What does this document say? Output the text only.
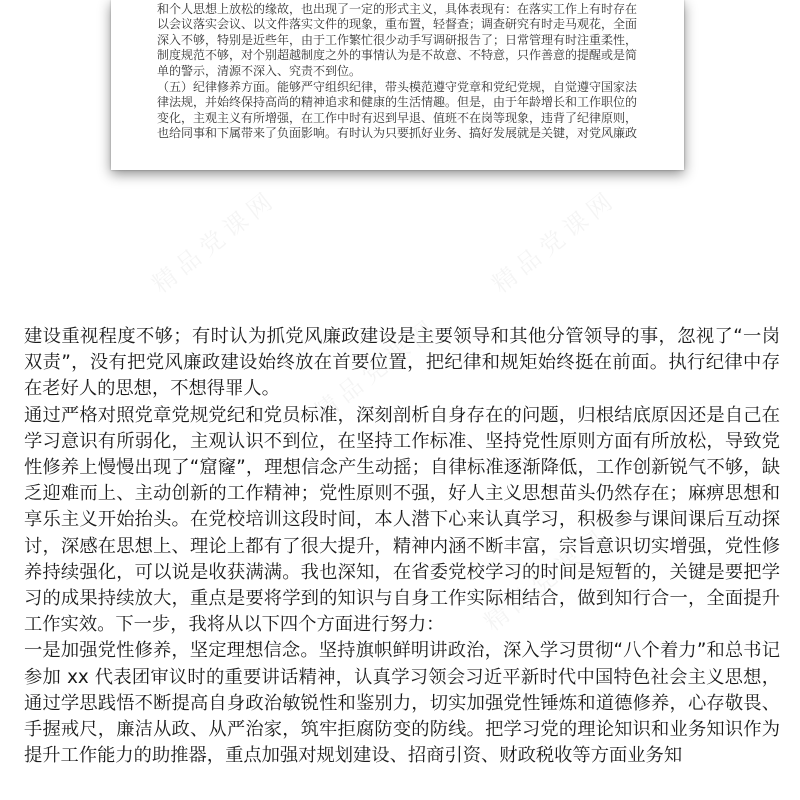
和个人思想上放松的缘故，也出现了一定的形式主义，具体表现有：在落实工作上有时存在

以会议落实会议、以文件落实文件的现象，重布置，轻督查；调查研究有时走马观花，全面

深入不够，特别是近些年，由于工作繁忙很少动手写调研报告了；日常管理有时注重柔性，

制度规范不够，对个别超越制度之外的事情认为是不故意、不特意，只作善意的提醒或是简

单的警示，清源不深入、究责不到位。

（五）纪律修养方面。能够严守组织纪律，带头模范遵守党章和党纪党规，自觉遵守国家法

律法规，并始终保持高尚的精神追求和健康的生活情趣。但是，由于年龄增长和工作职位的

变化，主观主义有所增强，在工作中时有迟到早退、值班不在岗等现象，违背了纪律原则，

也给同事和下属带来了负面影响。有时认为只要抓好业务、搞好发展就是关键，对党风廉政

建设重视程度不够；有时认为抓党风廉政建设是主要领导和其他分管领导的事，忽视了“一岗双责”，没有把党风廉政建设始终放在首要位置，把纪律和规矩始终挺在前面。执行纪律中存在老好人的思想，不想得罪人。

通过严格对照党章党规党纪和党员标准，深刻剖析自身存在的问题，归根结底原因还是自己在学习意识有所弱化，主观认识不到位，在坚持工作标准、坚持党性原则方面有所放松，导致党性修养上慢慢出现了“窟窿”，理想信念产生动摇；自律标准逐渐降低，工作创新锐气不够，缺乏迎难而上、主动创新的工作精神；党性原则不强，好人主义思想苗头仍然存在；麻痹思想和享乐主义开始抬头。在党校培训这段时间，本人潜下心来认真学习，积极参与课间课后互动探讨，深感在思想上、理论上都有了很大提升，精神内涵不断丰富，宗旨意识切实增强，党性修养持续强化，可以说是收获满满。我也深知，在省委党校学习的时间是短暂的，关键是要把学习的成果持续放大，重点是要将学到的知识与自身工作实际相结合，做到知行合一，全面提升工作实效。下一步，我将从以下四个方面进行努力：

一是加强党性修养，坚定理想信念。坚持旗帜鲜明讲政治，深入学习贯彻“八个着力”和总书记参加 xx 代表团审议时的重要讲话精神，认真学习领会习近平新时代中国特色社会主义思想，通过学思践悟不断提高自身政治敏锐性和鉴别力，切实加强党性锤炼和道德修养，心存敬畏、手握戒尺，廉洁从政、从严治家，筑牢拒腐防变的防线。把学习党的理论知识和业务知识作为提升工作能力的助推器，重点加强对规划建设、招商引资、财政税收等方面业务知
